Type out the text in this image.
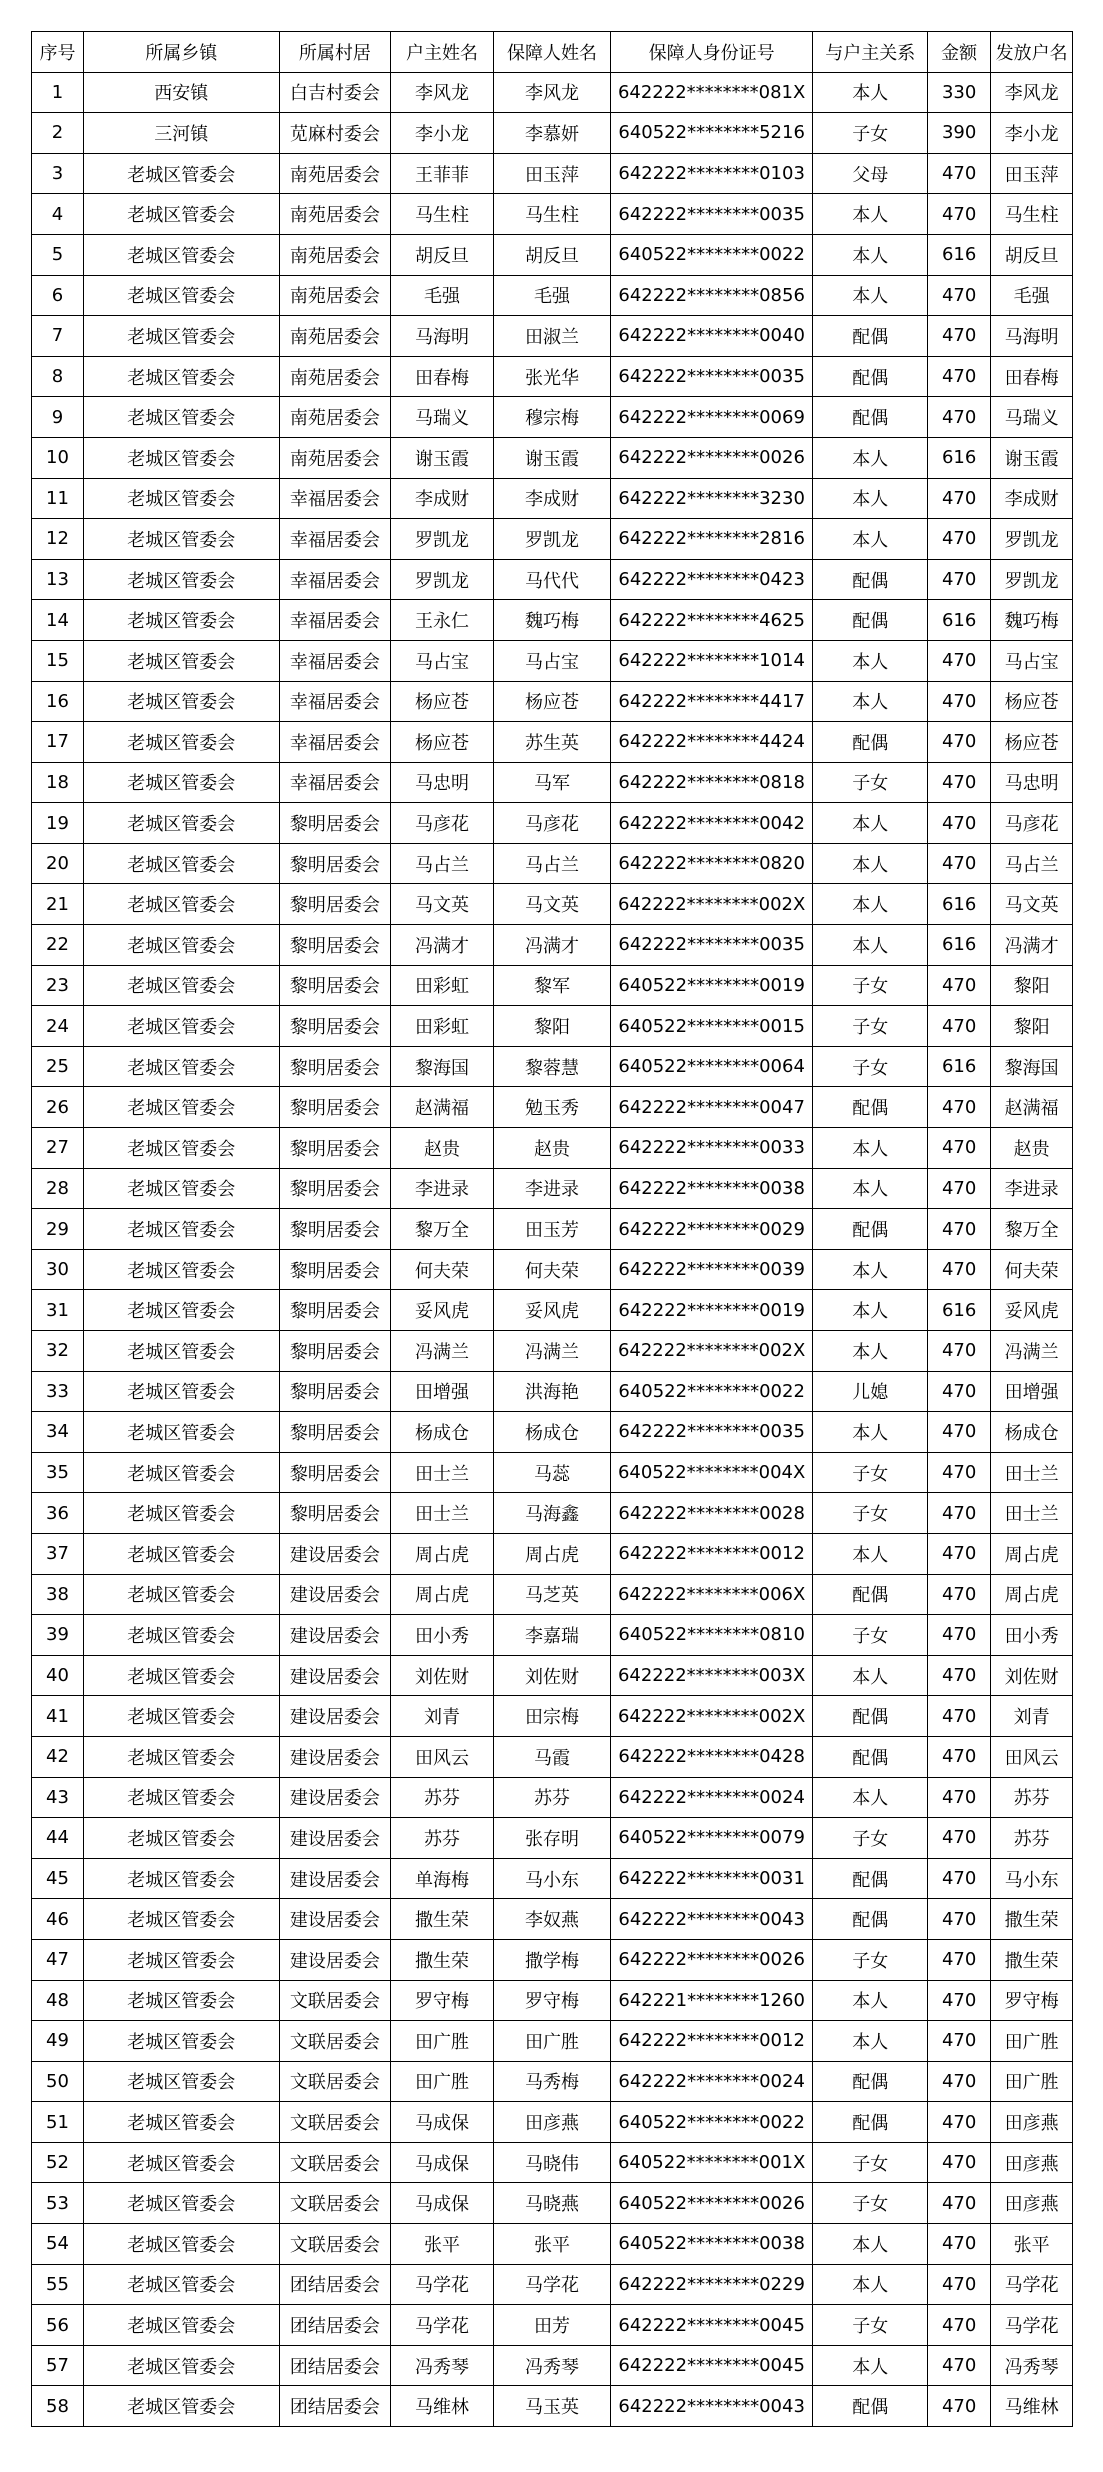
序号	所属乡镇	所属村居	户主姓名	保障人姓名	保障人身份证号	与户主关系	金额	发放户名
1	西安镇	白吉村委会	李风龙	李风龙	642222********081X	本人	330	李风龙
2	三河镇	苋麻村委会	李小龙	李慕妍	640522********5216	子女	390	李小龙
3	老城区管委会	南苑居委会	王菲菲	田玉萍	642222********0103	父母	470	田玉萍
4	老城区管委会	南苑居委会	马生柱	马生柱	642222********0035	本人	470	马生柱
5	老城区管委会	南苑居委会	胡反旦	胡反旦	640522********0022	本人	616	胡反旦
6	老城区管委会	南苑居委会	毛强	毛强	642222********0856	本人	470	毛强
7	老城区管委会	南苑居委会	马海明	田淑兰	642222********0040	配偶	470	马海明
8	老城区管委会	南苑居委会	田春梅	张光华	642222********0035	配偶	470	田春梅
9	老城区管委会	南苑居委会	马瑞义	穆宗梅	642222********0069	配偶	470	马瑞义
10	老城区管委会	南苑居委会	谢玉霞	谢玉霞	642222********0026	本人	616	谢玉霞
11	老城区管委会	幸福居委会	李成财	李成财	642222********3230	本人	470	李成财
12	老城区管委会	幸福居委会	罗凯龙	罗凯龙	642222********2816	本人	470	罗凯龙
13	老城区管委会	幸福居委会	罗凯龙	马代代	642222********0423	配偶	470	罗凯龙
14	老城区管委会	幸福居委会	王永仁	魏巧梅	642222********4625	配偶	616	魏巧梅
15	老城区管委会	幸福居委会	马占宝	马占宝	642222********1014	本人	470	马占宝
16	老城区管委会	幸福居委会	杨应苍	杨应苍	642222********4417	本人	470	杨应苍
17	老城区管委会	幸福居委会	杨应苍	苏生英	642222********4424	配偶	470	杨应苍
18	老城区管委会	幸福居委会	马忠明	马军	642222********0818	子女	470	马忠明
19	老城区管委会	黎明居委会	马彦花	马彦花	642222********0042	本人	470	马彦花
20	老城区管委会	黎明居委会	马占兰	马占兰	642222********0820	本人	470	马占兰
21	老城区管委会	黎明居委会	马文英	马文英	642222********002X	本人	616	马文英
22	老城区管委会	黎明居委会	冯满才	冯满才	642222********0035	本人	616	冯满才
23	老城区管委会	黎明居委会	田彩虹	黎军	640522********0019	子女	470	黎阳
24	老城区管委会	黎明居委会	田彩虹	黎阳	640522********0015	子女	470	黎阳
25	老城区管委会	黎明居委会	黎海国	黎蓉慧	640522********0064	子女	616	黎海国
26	老城区管委会	黎明居委会	赵满福	勉玉秀	642222********0047	配偶	470	赵满福
27	老城区管委会	黎明居委会	赵贵	赵贵	642222********0033	本人	470	赵贵
28	老城区管委会	黎明居委会	李进录	李进录	642222********0038	本人	470	李进录
29	老城区管委会	黎明居委会	黎万全	田玉芳	642222********0029	配偶	470	黎万全
30	老城区管委会	黎明居委会	何夫荣	何夫荣	642222********0039	本人	470	何夫荣
31	老城区管委会	黎明居委会	妥风虎	妥风虎	642222********0019	本人	616	妥风虎
32	老城区管委会	黎明居委会	冯满兰	冯满兰	642222********002X	本人	470	冯满兰
33	老城区管委会	黎明居委会	田增强	洪海艳	640522********0022	儿媳	470	田增强
34	老城区管委会	黎明居委会	杨成仓	杨成仓	642222********0035	本人	470	杨成仓
35	老城区管委会	黎明居委会	田士兰	马蕊	640522********004X	子女	470	田士兰
36	老城区管委会	黎明居委会	田士兰	马海鑫	642222********0028	子女	470	田士兰
37	老城区管委会	建设居委会	周占虎	周占虎	642222********0012	本人	470	周占虎
38	老城区管委会	建设居委会	周占虎	马芝英	642222********006X	配偶	470	周占虎
39	老城区管委会	建设居委会	田小秀	李嘉瑞	640522********0810	子女	470	田小秀
40	老城区管委会	建设居委会	刘佐财	刘佐财	642222********003X	本人	470	刘佐财
41	老城区管委会	建设居委会	刘青	田宗梅	642222********002X	配偶	470	刘青
42	老城区管委会	建设居委会	田风云	马霞	642222********0428	配偶	470	田风云
43	老城区管委会	建设居委会	苏芬	苏芬	642222********0024	本人	470	苏芬
44	老城区管委会	建设居委会	苏芬	张存明	640522********0079	子女	470	苏芬
45	老城区管委会	建设居委会	单海梅	马小东	642222********0031	配偶	470	马小东
46	老城区管委会	建设居委会	撒生荣	李奴燕	642222********0043	配偶	470	撒生荣
47	老城区管委会	建设居委会	撒生荣	撒学梅	642222********0026	子女	470	撒生荣
48	老城区管委会	文联居委会	罗守梅	罗守梅	642221********1260	本人	470	罗守梅
49	老城区管委会	文联居委会	田广胜	田广胜	642222********0012	本人	470	田广胜
50	老城区管委会	文联居委会	田广胜	马秀梅	642222********0024	配偶	470	田广胜
51	老城区管委会	文联居委会	马成保	田彦燕	640522********0022	配偶	470	田彦燕
52	老城区管委会	文联居委会	马成保	马晓伟	640522********001X	子女	470	田彦燕
53	老城区管委会	文联居委会	马成保	马晓燕	640522********0026	子女	470	田彦燕
54	老城区管委会	文联居委会	张平	张平	640522********0038	本人	470	张平
55	老城区管委会	团结居委会	马学花	马学花	642222********0229	本人	470	马学花
56	老城区管委会	团结居委会	马学花	田芳	642222********0045	子女	470	马学花
57	老城区管委会	团结居委会	冯秀琴	冯秀琴	642222********0045	本人	470	冯秀琴
58	老城区管委会	团结居委会	马维林	马玉英	642222********0043	配偶	470	马维林
